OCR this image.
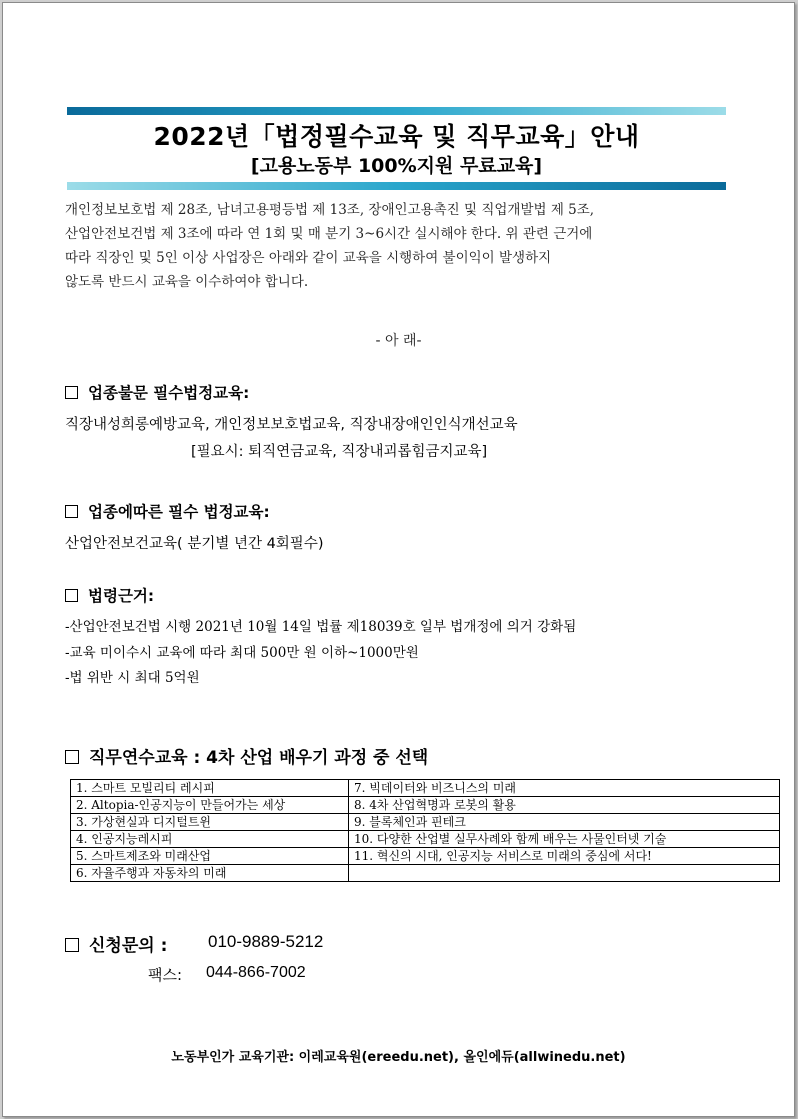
2022년「법정필수교육 및 직무교육」안내
[고용노동부 100%지원 무료교육]
개인정보보호법 제 28조, 남녀고용평등법 제 13조, 장애인고용촉진 및 직업개발법 제 5조,
산업안전보건법 제 3조에 따라 연 1회 및 매 분기 3~6시간 실시해야 한다. 위 관련 근거에
따라 직장인 및 5인 이상 사업장은 아래와 같이 교육을 시행하여 불이익이 발생하지
않도록 반드시 교육을 이수하여야 합니다.
- 아 래-
업종불문 필수법정교육:
직장내성희롱예방교육, 개인정보보호법교육, 직장내장애인인식개선교육
[필요시: 퇴직연금교육, 직장내괴롭힘금지교육]
업종에따른 필수 법정교육:
산업안전보건교육( 분기별 년간 4회필수)
법령근거:
-산업안전보건법 시행 2021년 10월 14일 법률 제18039호 일부 법개정에 의거 강화됨
-교육 미이수시 교육에 따라 최대 500만 원 이하~1000만원
-법 위반 시 최대 5억원
직무연수교육 : 4차 산업 배우기 과정 중 선택
1. 스마트 모빌리티 레시피	7. 빅데이터와 비즈니스의 미래
2. Altopia-인공지능이 만들어가는 세상	8. 4차 산업혁명과 로봇의 활용
3. 가상현실과 디지털트윈	9. 블록체인과 핀테크
4. 인공지능레시피	10. 다양한 산업별 실무사례와 함께 배우는 사물인터넷 기술
5. 스마트제조와 미래산업	11. 혁신의 시대, 인공지능 서비스로 미래의 중심에 서다!
6. 자율주행과 자동차의 미래	
신청문의 : 010-9889-5212
팩스: 044-866-7002
노동부인가 교육기관: 이레교육원(ereedu.net), 올인에듀(allwinedu.net)
